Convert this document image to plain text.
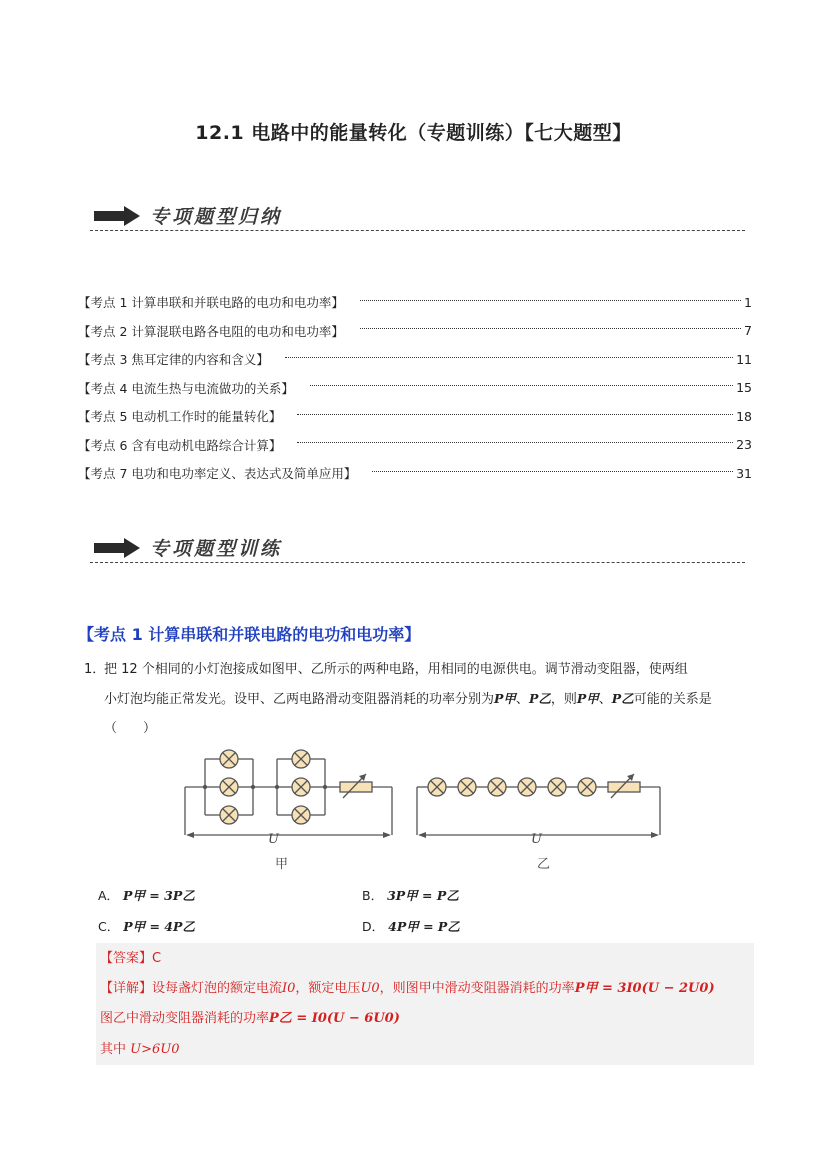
12.1 电路中的能量转化（专题训练）【七大题型】
专项题型归纳
【考点 1 计算串联和并联电路的电功和电功率】	1
【考点 2 计算混联电路各电阻的电功和电功率】	7
【考点 3 焦耳定律的内容和含义】	11
【考点 4 电流生热与电流做功的关系】	15
【考点 5 电动机工作时的能量转化】	18
【考点 6 含有电动机电路综合计算】	23
【考点 7 电功和电功率定义、表达式及简单应用】	31
专项题型训练
【考点 1 计算串联和并联电路的电功和电功率】
1．
把 12 个相同的小灯泡接成如图甲、乙所示的两种电路，用相同的电源供电。调节滑动变阻器，使两组
小灯泡均能正常发光。设甲、乙两电路滑动变阻器消耗的功率分别为P甲、P乙，则P甲、P乙可能的关系是
（　　）
U
甲
U
乙
A． P甲 = 3P乙	B． 3P甲 = P乙
C． P甲 = 4P乙	D． 4P甲 = P乙
【答案】C
【详解】设每盏灯泡的额定电流I0，额定电压U0，则图甲中滑动变阻器消耗的功率P甲 = 3I0(U − 2U0)
图乙中滑动变阻器消耗的功率P乙 = I0(U − 6U0)
其中 U>6U0
